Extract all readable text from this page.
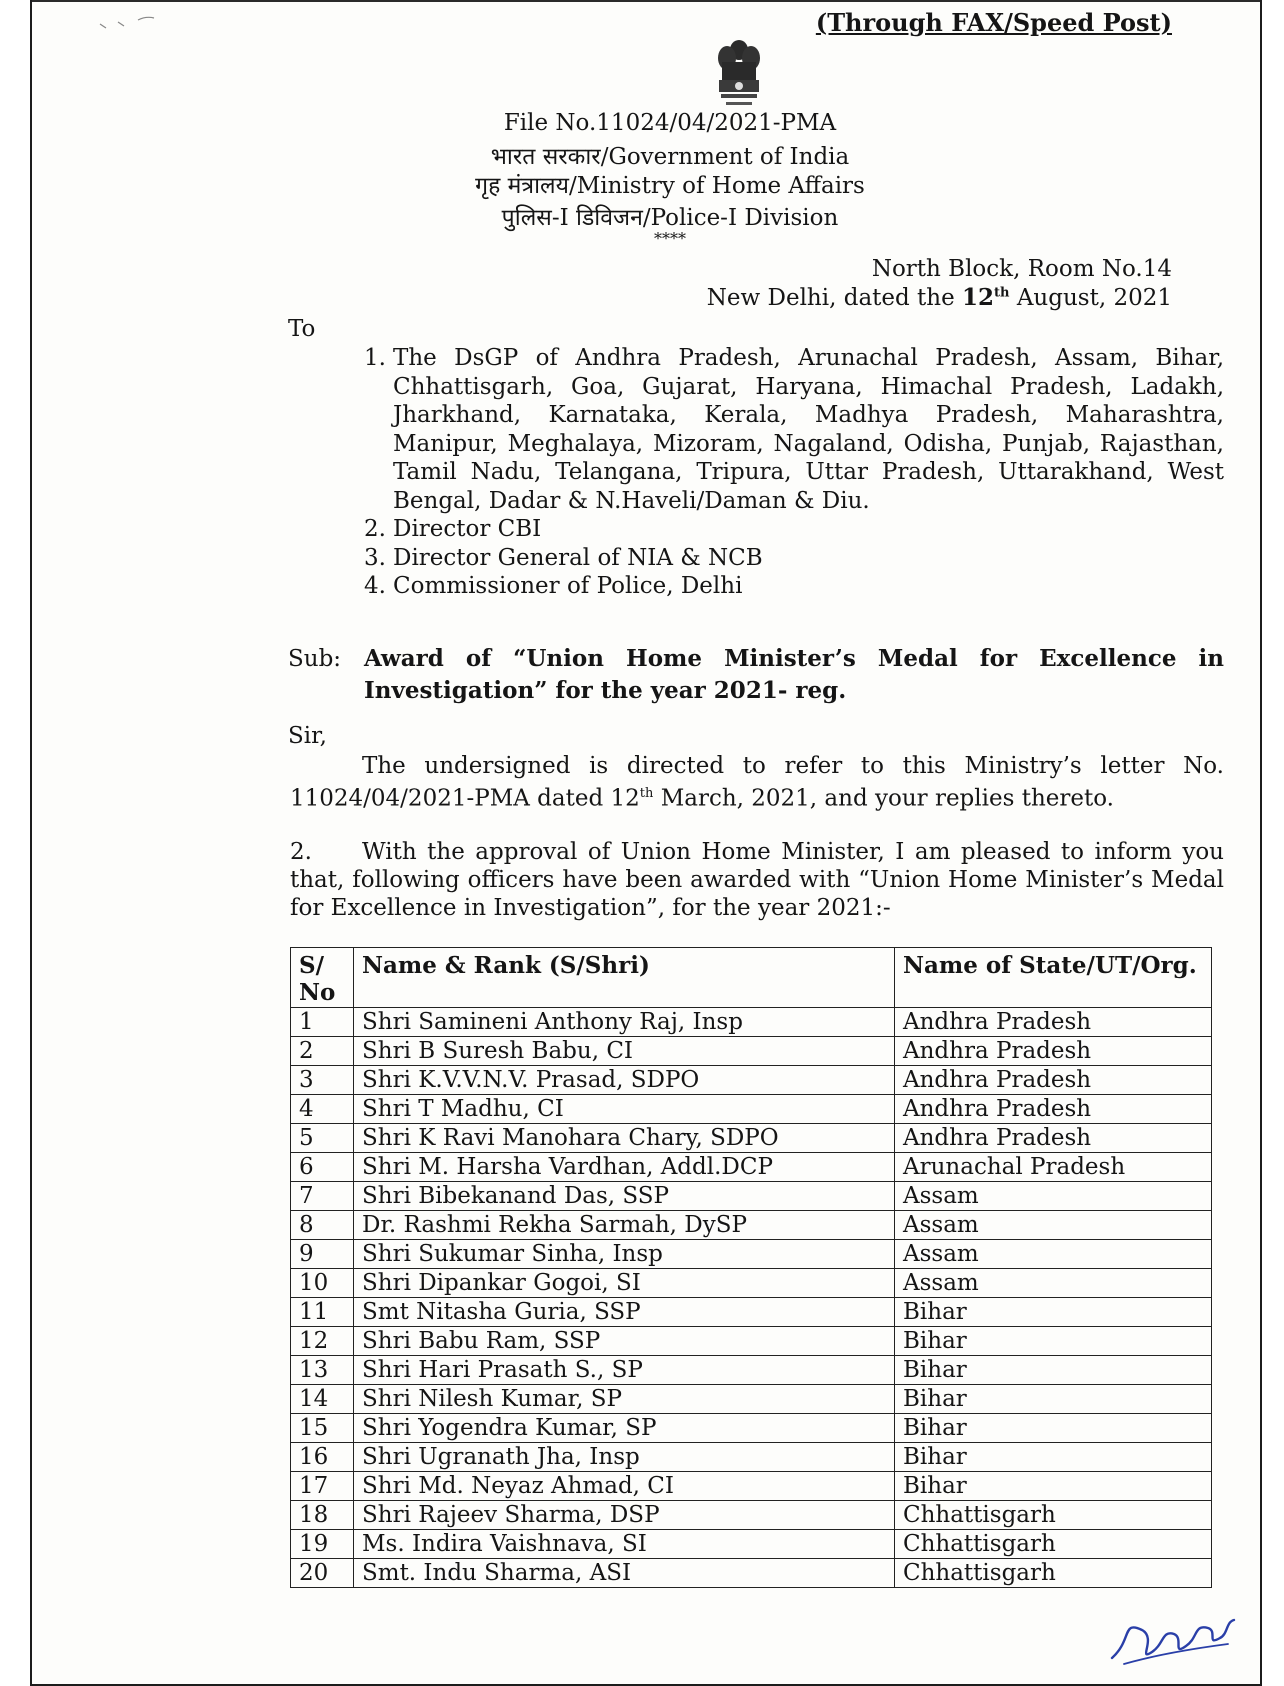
(Through FAX/Speed Post)
File No.11024/04/2021-PMA
भारत सरकार/Government of India
गृह मंत्रालय/Ministry of Home Affairs
पुलिस-I डिविजन/Police-I Division
****
North Block, Room No.14
New Delhi, dated the 12th August, 2021
To
1. The DsGP of Andhra Pradesh, Arunachal Pradesh, Assam, Bihar, Chhattisgarh, Goa, Gujarat, Haryana, Himachal Pradesh, Ladakh, Jharkhand, Karnataka, Kerala, Madhya Pradesh, Maharashtra, Manipur, Meghalaya, Mizoram, Nagaland, Odisha, Punjab, Rajasthan, Tamil Nadu, Telangana, Tripura, Uttar Pradesh, Uttarakhand, West Bengal, Dadar & N.Haveli/Daman & Diu.
2. Director CBI
3. Director General of NIA & NCB
4. Commissioner of Police, Delhi
Sub: Award of “Union Home Minister’s Medal for Excellence in Investigation” for the year 2021- reg.
Sir,
The undersigned is directed to refer to this Ministry’s letter No. 11024/04/2021-PMA dated 12th March, 2021, and your replies thereto.
2. With the approval of Union Home Minister, I am pleased to inform you that, following officers have been awarded with “Union Home Minister’s Medal for Excellence in Investigation”, for the year 2021:-
S/ No	Name & Rank (S/Shri)	Name of State/UT/Org.
1	Shri Samineni Anthony Raj, Insp	Andhra Pradesh
2	Shri B Suresh Babu, CI	Andhra Pradesh
3	Shri K.V.V.N.V. Prasad, SDPO	Andhra Pradesh
4	Shri T Madhu, CI	Andhra Pradesh
5	Shri K Ravi Manohara Chary, SDPO	Andhra Pradesh
6	Shri M. Harsha Vardhan, Addl.DCP	Arunachal Pradesh
7	Shri Bibekanand Das, SSP	Assam
8	Dr. Rashmi Rekha Sarmah, DySP	Assam
9	Shri Sukumar Sinha, Insp	Assam
10	Shri Dipankar Gogoi, SI	Assam
11	Smt Nitasha Guria, SSP	Bihar
12	Shri Babu Ram, SSP	Bihar
13	Shri Hari Prasath S., SP	Bihar
14	Shri Nilesh Kumar, SP	Bihar
15	Shri Yogendra Kumar, SP	Bihar
16	Shri Ugranath Jha, Insp	Bihar
17	Shri Md. Neyaz Ahmad, CI	Bihar
18	Shri Rajeev Sharma, DSP	Chhattisgarh
19	Ms. Indira Vaishnava, SI	Chhattisgarh
20	Smt. Indu Sharma, ASI	Chhattisgarh
